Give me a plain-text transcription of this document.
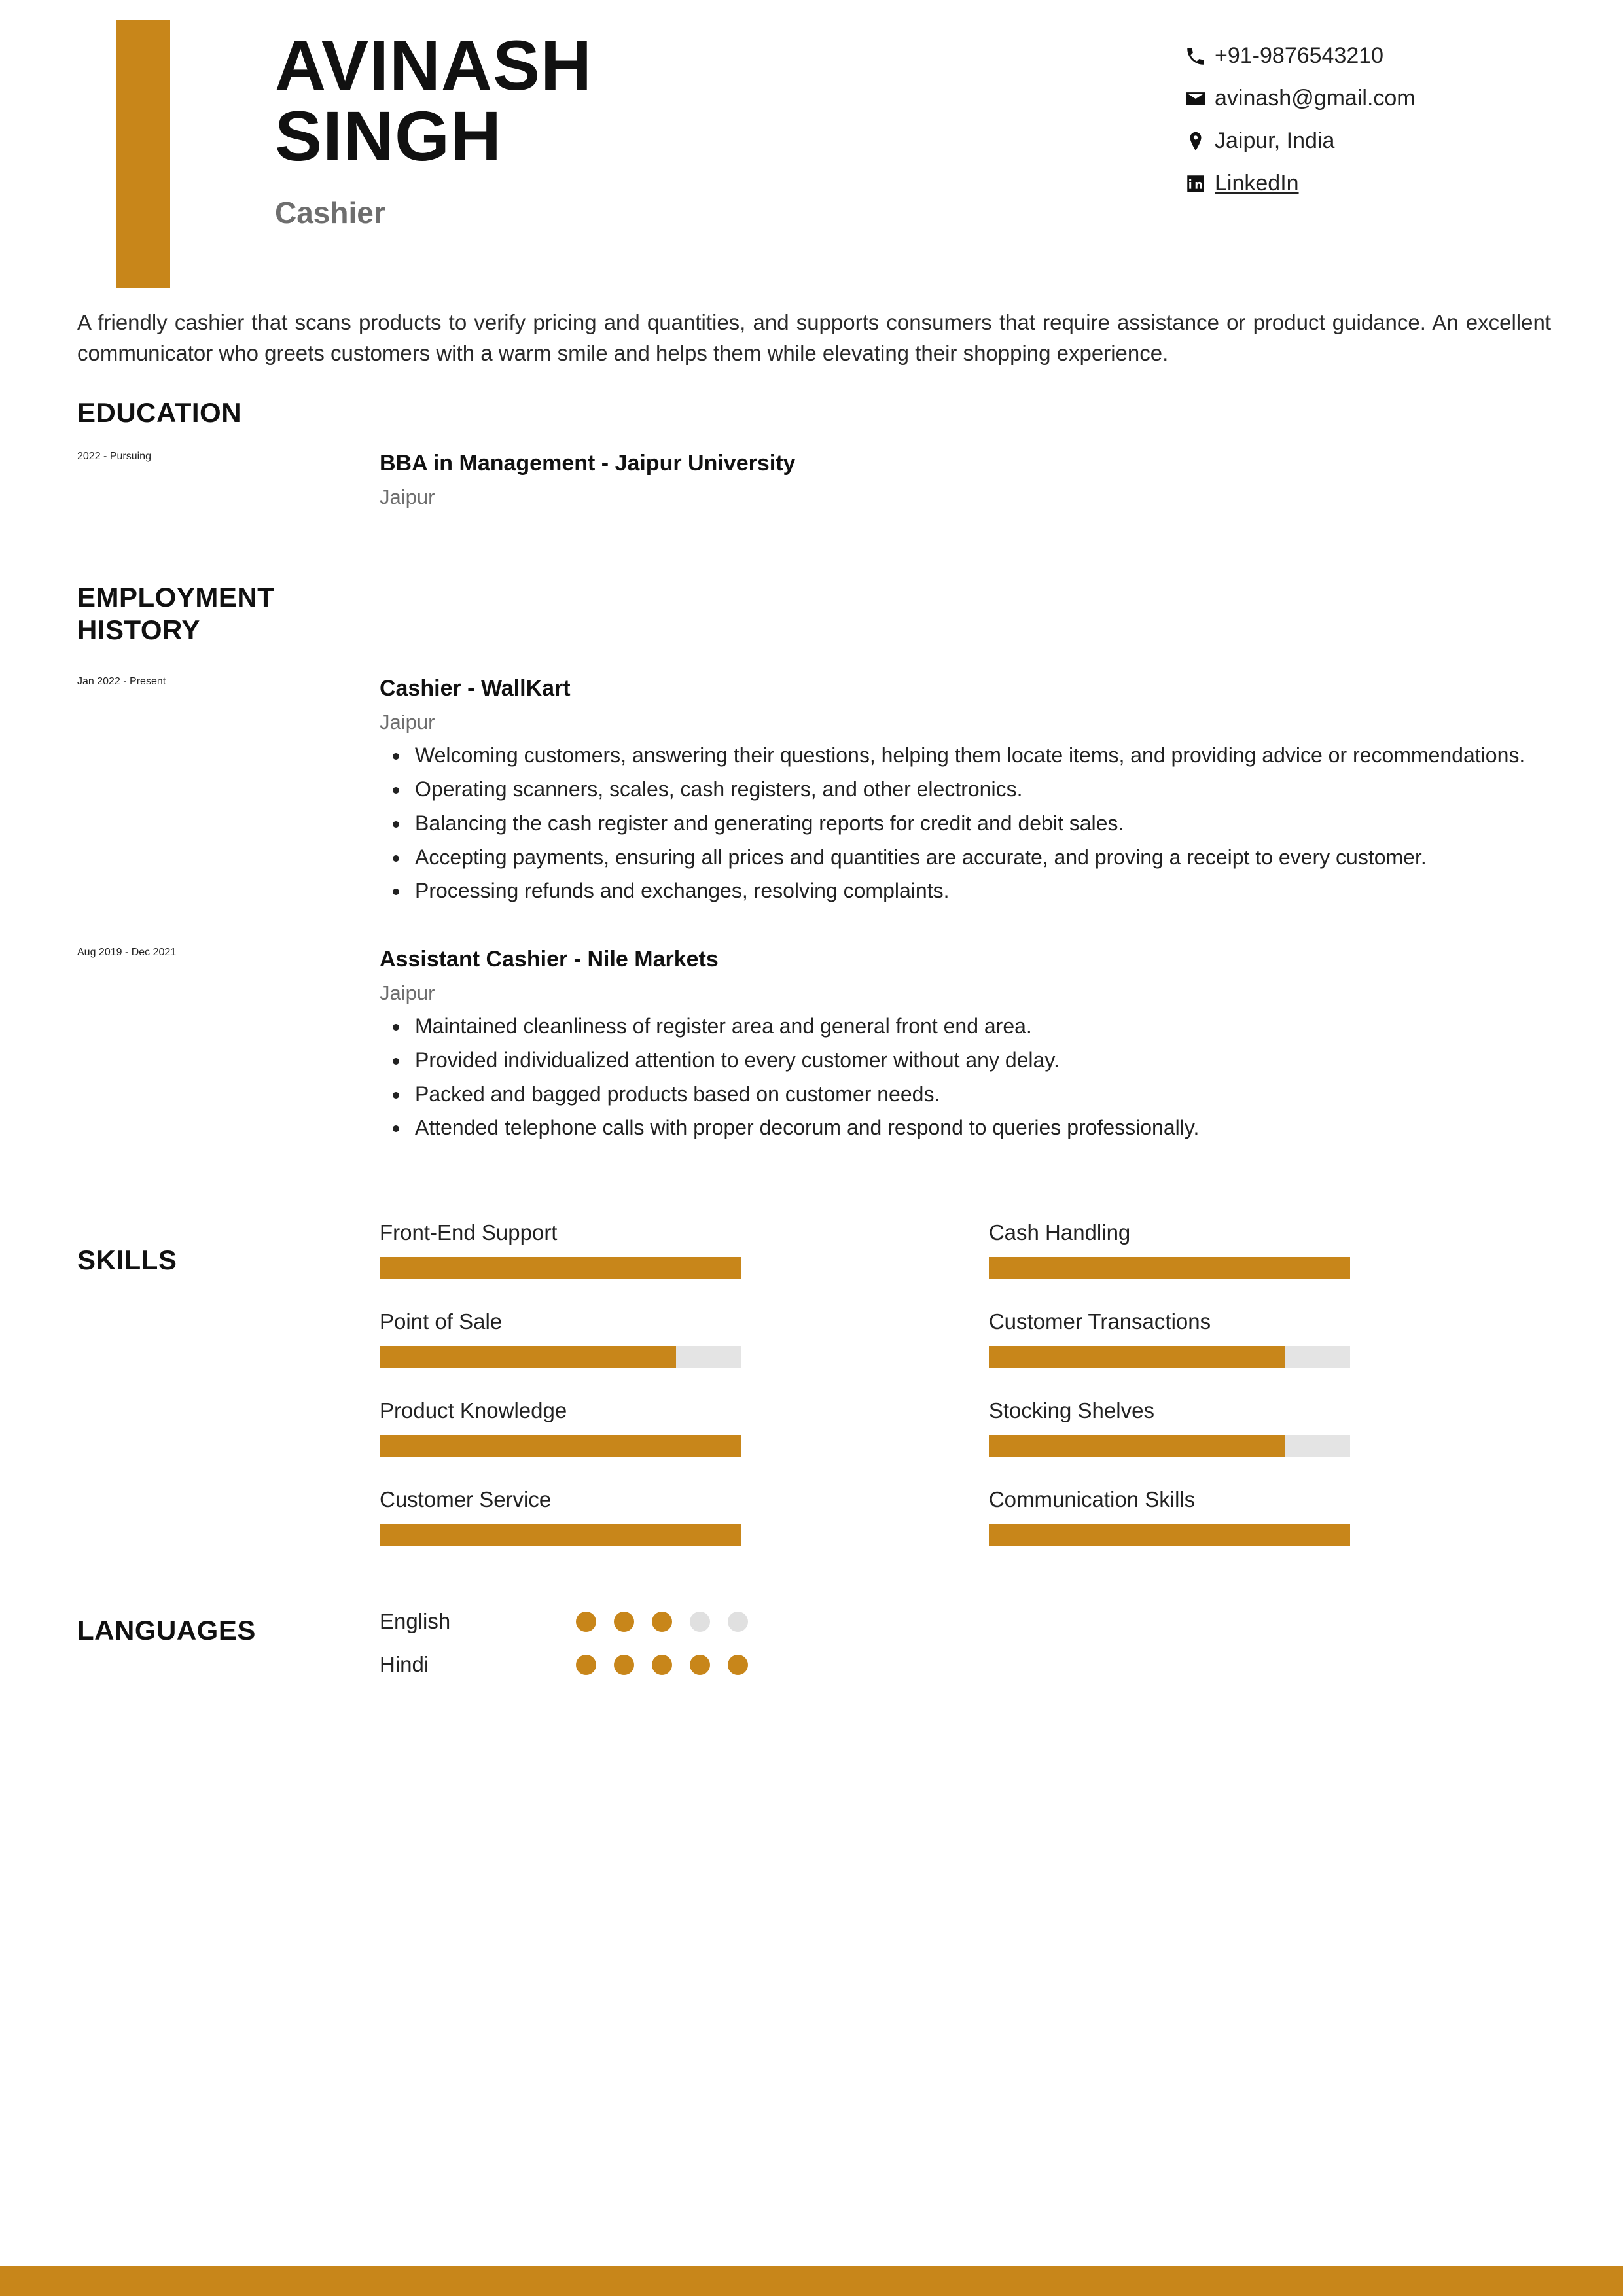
AVINASH
SINGH
Cashier
+91-9876543210
avinash@gmail.com
Jaipur, India
LinkedIn
A friendly cashier that scans products to verify pricing and quantities, and supports consumers that require assistance or product guidance. An excellent communicator who greets customers with a warm smile and helps them while elevating their shopping experience.
EDUCATION
2022 - Pursuing	BBA in Management - Jaipur University
Jaipur
EMPLOYMENT
HISTORY
Jan 2022 - Present	Cashier - WallKart
Jaipur
• Welcoming customers, answering their questions, helping them locate items, and providing advice or recommendations.
• Operating scanners, scales, cash registers, and other electronics.
• Balancing the cash register and generating reports for credit and debit sales.
• Accepting payments, ensuring all prices and quantities are accurate, and proving a receipt to every customer.
• Processing refunds and exchanges, resolving complaints.
Aug 2019 - Dec 2021	Assistant Cashier - Nile Markets
Jaipur
• Maintained cleanliness of register area and general front end area.
• Provided individualized attention to every customer without any delay.
• Packed and bagged products based on customer needs.
• Attended telephone calls with proper decorum and respond to queries professionally.
SKILLS
Front-End Support	Cash Handling
Point of Sale	Customer Transactions
Product Knowledge	Stocking Shelves
Customer Service	Communication Skills
LANGUAGES	English
Hindi
